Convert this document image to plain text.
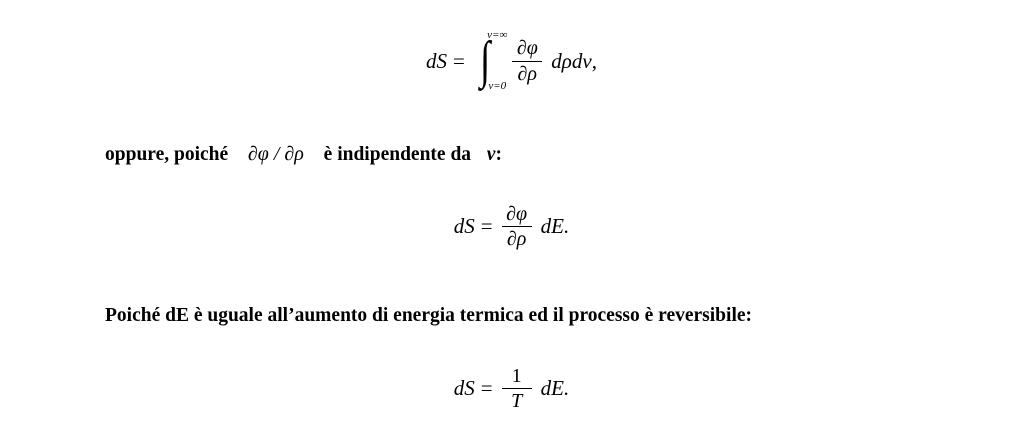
dS = ∫
v=∞
v=0
$\frac{\partial\varphi}{\partial\rho}$ dρdν ,
oppure, poiché ∂φ / ∂ρ è indipendente da v:
dS = $\frac{\partial\varphi}{\partial\rho}$ dE.
Poiché dE è uguale all’aumento di energia termica ed il processo è reversibile:
dS = $\frac{1}{T}$ dE.
